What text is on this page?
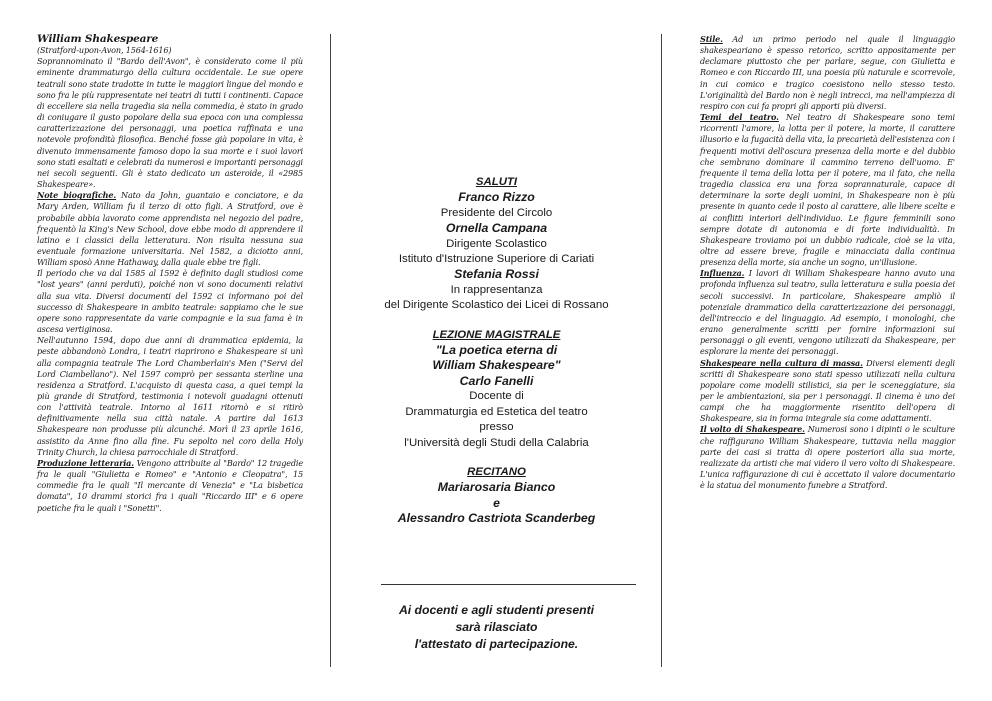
William Shakespeare

(Stratford-upon-Avon, 1564-1616)

Soprannominato il "Bardo dell'Avon", è considerato come il più eminente drammaturgo della cultura occidentale. Le sue opere teatrali sono state tradotte in tutte le maggiori lingue del mondo e sono fra le più rappresentate nei teatri di tutti i continenti. Capace di eccellere sia nella tragedia sia nella commedia, è stato in grado di coniugare il gusto popolare della sua epoca con una complessa caratterizzazione dei personaggi, una poetica raffinata e una notevole profondità filosofica. Benché fosse già popolare in vita, è divenuto immensamente famoso dopo la sua morte e i suoi lavori sono stati esaltati e celebrati da numerosi e importanti personaggi nei secoli seguenti. Gli è stato dedicato un asteroide, il «2985 Shakespeare».

Note biografiche. Nato da John, guantaio e conciatore, e da Mary Arden, William fu il terzo di otto figli. A Stratford, ove è probabile abbia lavorato come apprendista nel negozio del padre, frequentò la King's New School, dove ebbe modo di apprendere il latino e i classici della letteratura. Non risulta nessuna sua eventuale formazione universitaria. Nel 1582, a diciotto anni, William sposò Anne Hathaway, dalla quale ebbe tre figli.

Il periodo che va dal 1585 al 1592 è definito dagli studiosi come "lost years" (anni perduti), poiché non vi sono documenti relativi alla sua vita. Diversi documenti del 1592 ci informano poi del successo di Shakespeare in ambito teatrale: sappiamo che le sue opere sono rappresentate da varie compagnie e la sua fama è in ascesa vertiginosa.

Nell'autunno 1594, dopo due anni di drammatica epidemia, la peste abbandonò Londra, i teatri riaprirono e Shakespeare si unì alla compagnia teatrale The Lord Chamberlain's Men ("Servi del Lord Ciambellano"). Nel 1597 comprò per sessanta sterline una residenza a Stratford. L'acquisto di questa casa, a quei tempi la più grande di Stratford, testimonia i notevoli guadagni ottenuti con l'attività teatrale. Intorno al 1611 ritornò e si ritirò definitivamente nella sua città natale. A partire dal 1613 Shakespeare non produsse più alcunché. Morì il 23 aprile 1616, assistito da Anne fino alla fine. Fu sepolto nel coro della Holy Trinity Church, la chiesa parrocchiale di Stratford.

Produzione letteraria. Vengono attribuite al "Bardo" 12 tragedie fra le quali "Giulietta e Romeo" e "Antonio e Cleopatra", 15 commedie fra le quali "Il mercante di Venezia" e "La bisbetica domata", 10 drammi storici fra i quali "Riccardo III" e 6 opere poetiche fra le quali i "Sonetti".

SALUTI
Franco Rizzo
Presidente del Circolo
Ornella Campana
Dirigente Scolastico
Istituto d'Istruzione Superiore di Cariati
Stefania Rossi
In rappresentanza
del Dirigente Scolastico dei Licei di Rossano
LEZIONE MAGISTRALE
"La poetica eterna di
William Shakespeare"
Carlo Fanelli
Docente di
Drammaturgia ed Estetica del teatro
presso
l'Università degli Studi della Calabria
RECITANO
Mariarosaria Bianco
e
Alessandro Castriota Scanderbeg
Ai docenti e agli studenti presenti
sarà rilasciato
l'attestato di partecipazione.

Stile. Ad un primo periodo nel quale il linguaggio shakespeariano è spesso retorico, scritto appositamente per declamare piuttosto che per parlare, segue, con Giulietta e Romeo e con Riccardo III, una poesia più naturale e scorrevole, in cui comico e tragico coesistono nello stesso testo. L'originalità del Bardo non è negli intrecci, ma nell'ampiezza di respiro con cui fa propri gli apporti più diversi.

Temi del teatro. Nel teatro di Shakespeare sono temi ricorrenti l'amore, la lotta per il potere, la morte, il carattere illusorio e la fugacità della vita, la precarietà dell'esistenza con i frequenti motivi dell'oscura presenza della morte e del dubbio che sembrano dominare il cammino terreno dell'uomo. E' frequente il tema della lotta per il potere, ma il fato, che nella tragedia classica era una forza soprannaturale, capace di determinare la sorte degli uomini, in Shakespeare non è più presente in quanto cede il posto al carattere, alle libere scelte e ai conflitti interiori dell'individuo. Le figure femminili sono sempre dotate di autonomia e di forte individualità. In Shakespeare troviamo poi un dubbio radicale, cioè se la vita, oltre ad essere breve, fragile e minacciata dalla continua presenza della morte, sia anche un sogno, un'illusione.

Influenza. I lavori di William Shakespeare hanno avuto una profonda influenza sul teatro, sulla letteratura e sulla poesia dei secoli successivi. In particolare, Shakespeare ampliò il potenziale drammatico della caratterizzazione dei personaggi, dell'intreccio e del linguaggio. Ad esempio, i monologhi, che erano generalmente scritti per fornire informazioni sui personaggi o gli eventi, vengono utilizzati da Shakespeare, per esplorare la mente dei personaggi.

Shakespeare nella cultura di massa. Diversi elementi degli scritti di Shakespeare sono stati spesso utilizzati nella cultura popolare come modelli stilistici, sia per le sceneggiature, sia per le ambientazioni, sia per i personaggi. Il cinema è uno dei campi che ha maggiormente risentito dell'opera di Shakespeare, sia in forma integrale sia come adattamenti.

Il volto di Shakespeare. Numerosi sono i dipinti o le sculture che raffigurano William Shakespeare, tuttavia nella maggior parte dei casi si tratta di opere posteriori alla sua morte, realizzate da artisti che mai videro il vero volto di Shakespeare. L'unica raffigurazione di cui è accettato il valore documentario è la statua del monumento funebre a Stratford.
